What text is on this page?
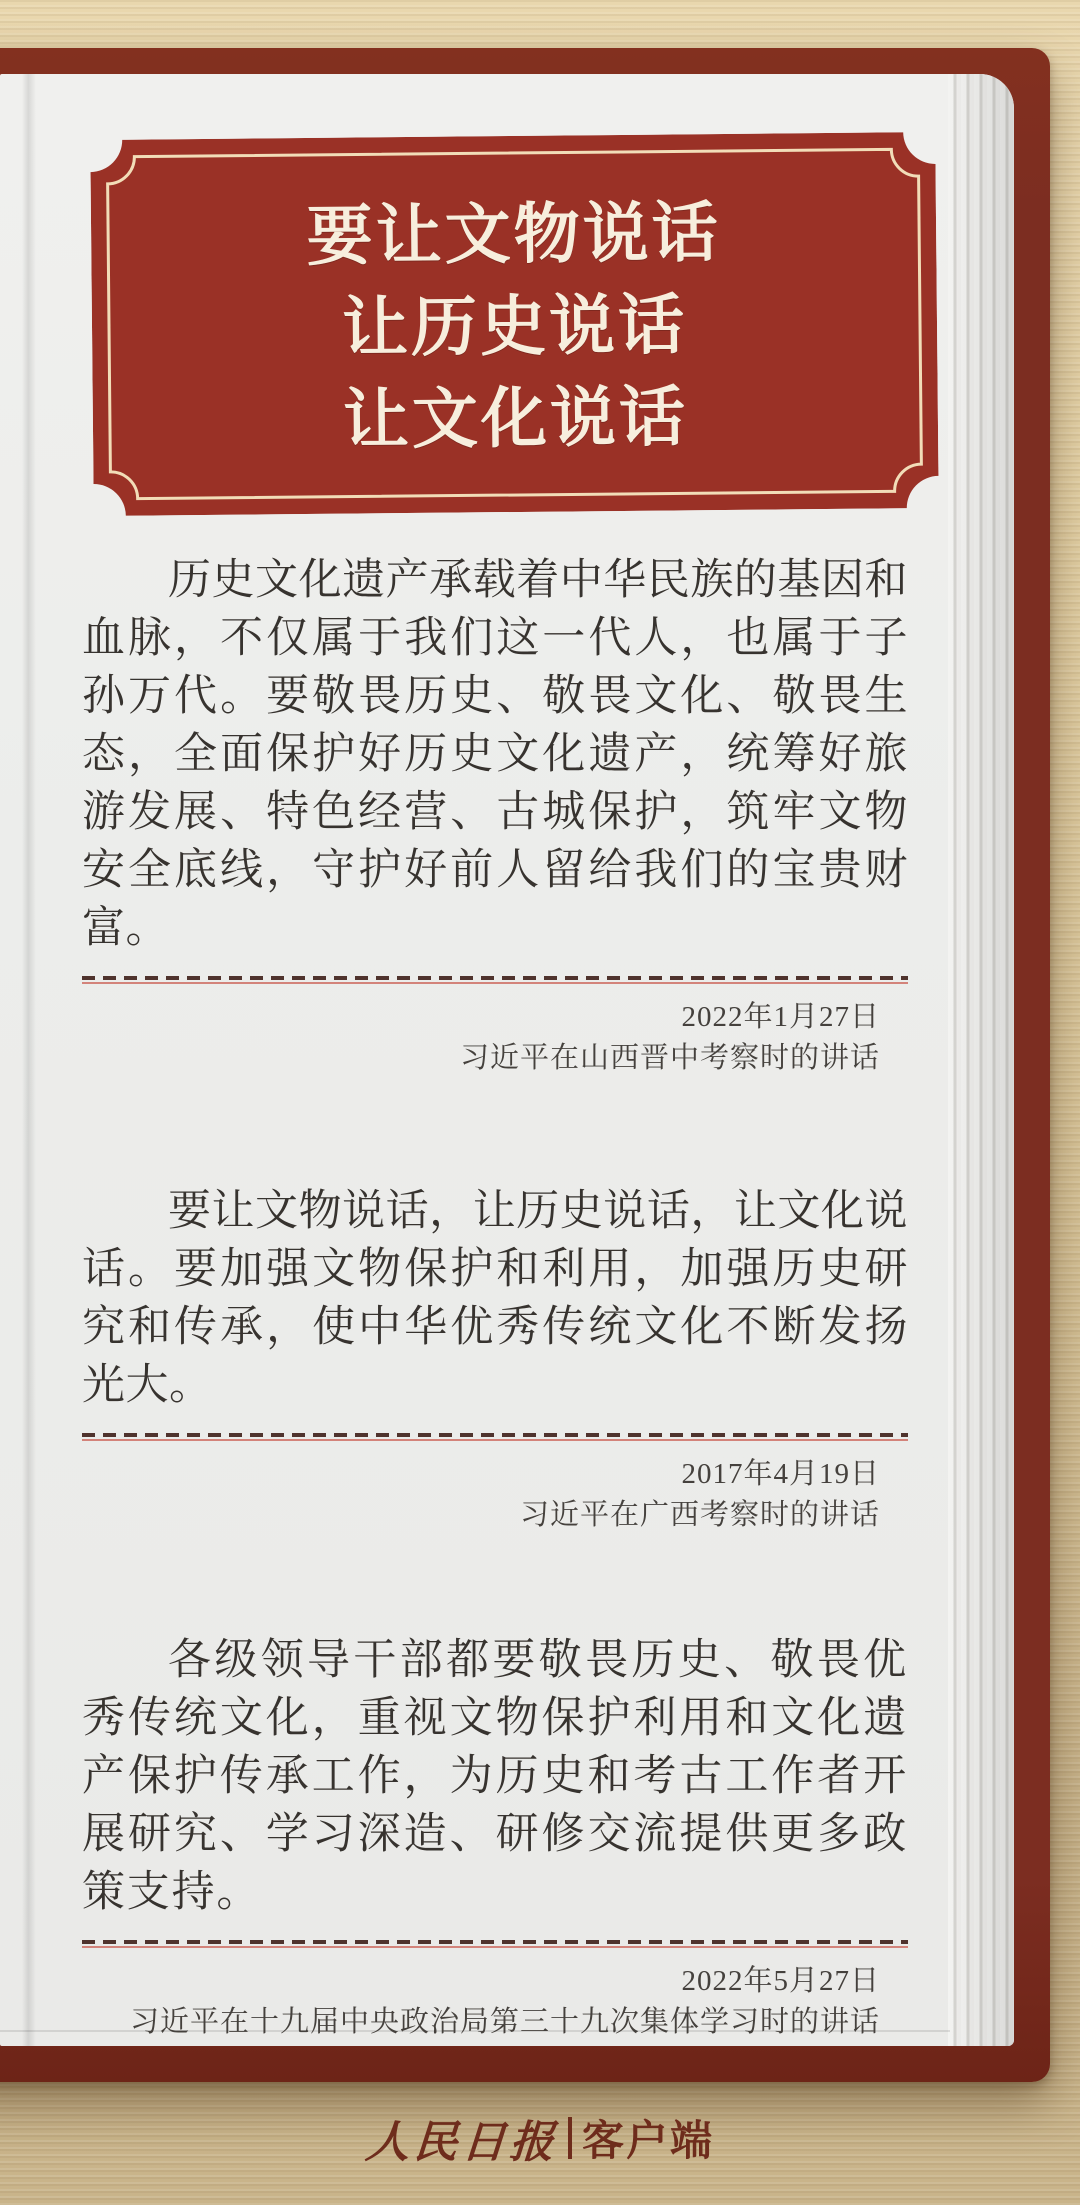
要让文物说话
让历史说话
让文化说话

历史文化遗产承载着中华民族的基因和血脉，不仅属于我们这一代人，也属于子孙万代。要敬畏历史、敬畏文化、敬畏生态，全面保护好历史文化遗产，统筹好旅游发展、特色经营、古城保护，筑牢文物安全底线，守护好前人留给我们的宝贵财富。

2022年1月27日
习近平在山西晋中考察时的讲话

要让文物说话，让历史说话，让文化说话。要加强文物保护和利用，加强历史研究和传承，使中华优秀传统文化不断发扬光大。

2017年4月19日
习近平在广西考察时的讲话

各级领导干部都要敬畏历史、敬畏优秀传统文化，重视文物保护利用和文化遗产保护传承工作，为历史和考古工作者开展研究、学习深造、研修交流提供更多政策支持。

2022年5月27日
习近平在十九届中央政治局第三十九次集体学习时的讲话
人民日报 客户端
